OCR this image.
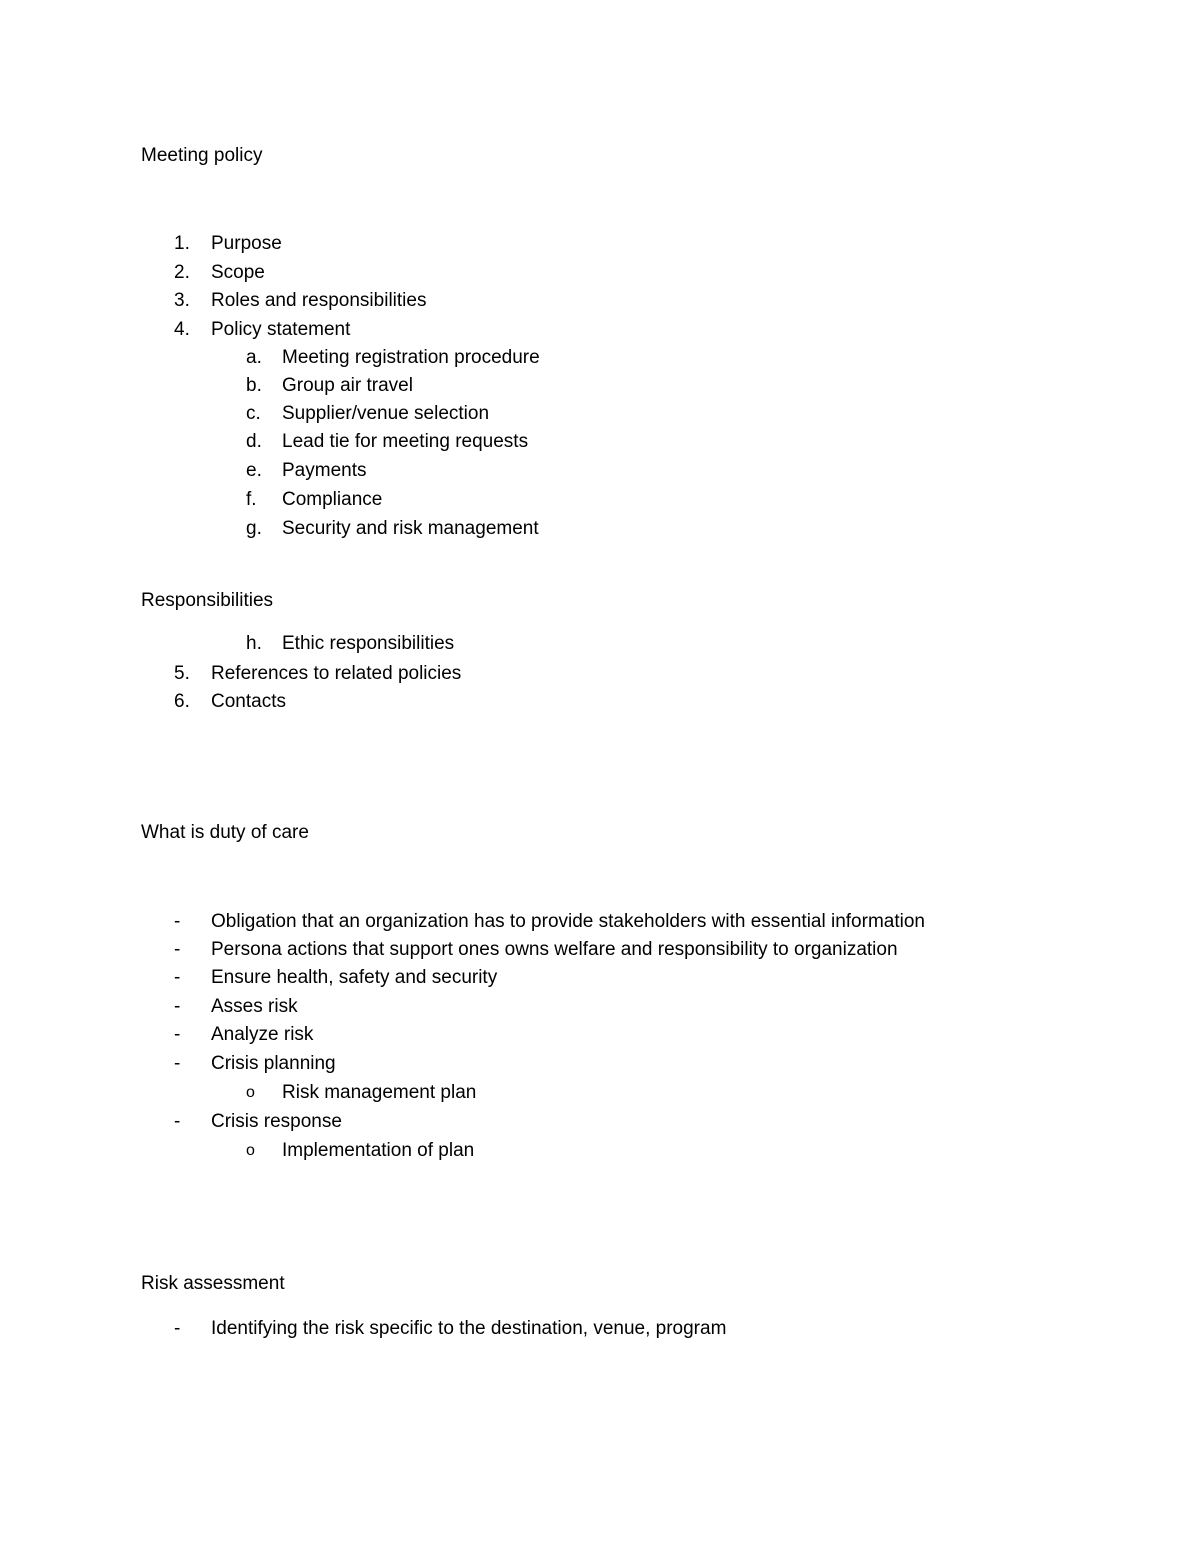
Meeting policy
1. Purpose
2. Scope
3. Roles and responsibilities
4. Policy statement
a. Meeting registration procedure
b. Group air travel
c. Supplier/venue selection
d. Lead tie for meeting requests
e. Payments
f. Compliance
g. Security and risk management
Responsibilities
h. Ethic responsibilities
5. References to related policies
6. Contacts
What is duty of care
- Obligation that an organization has to provide stakeholders with essential information
- Persona actions that support ones owns welfare and responsibility to organization
- Ensure health, safety and security
- Asses risk
- Analyze risk
- Crisis planning
o Risk management plan
- Crisis response
o Implementation of plan
Risk assessment
- Identifying the risk specific to the destination, venue, program
